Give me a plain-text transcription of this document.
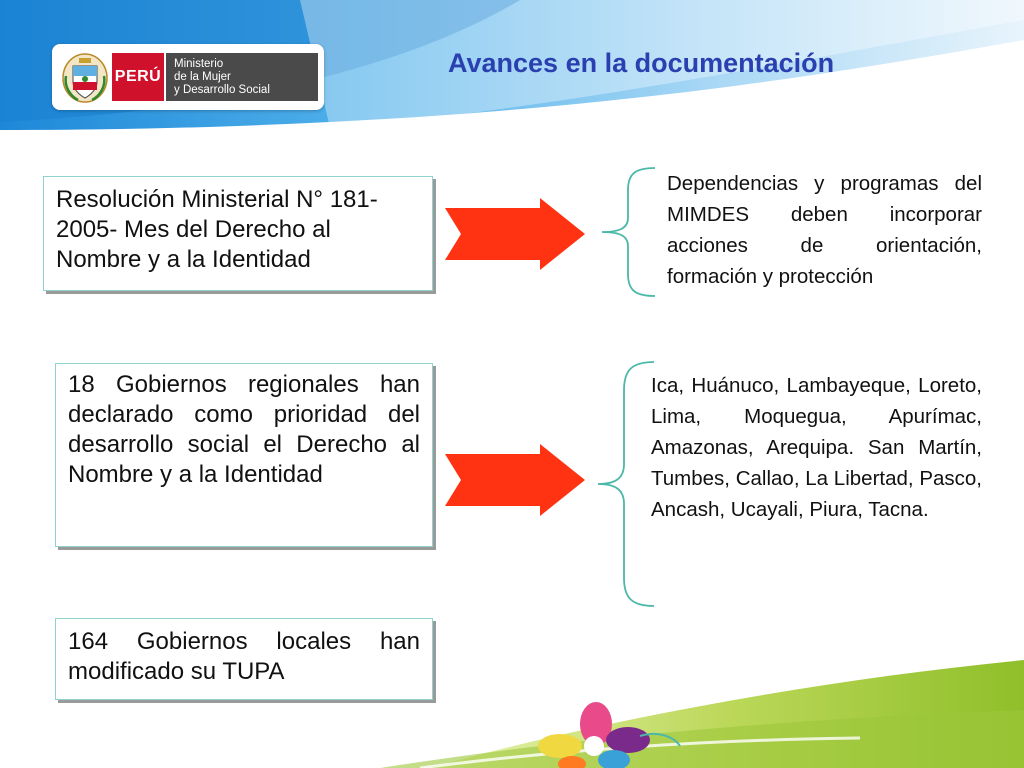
PERÚ
Ministerio
de la Mujer
y Desarrollo Social
Avances en la documentación

Resolución Ministerial N° 181-2005- Mes del Derecho al Nombre y a la Identidad

18 Gobiernos regionales han declarado como prioridad del desarrollo social el Derecho al Nombre y a la Identidad

164 Gobiernos locales han modificado su TUPA

Dependencias y programas del MIMDES deben incorporar acciones de orientación, formación y protección
Ica, Huánuco, Lambayeque, Loreto, Lima, Moquegua, Apurímac, Amazonas, Arequipa. San Martín, Tumbes, Callao, La Libertad, Pasco, Ancash, Ucayali, Piura, Tacna.
